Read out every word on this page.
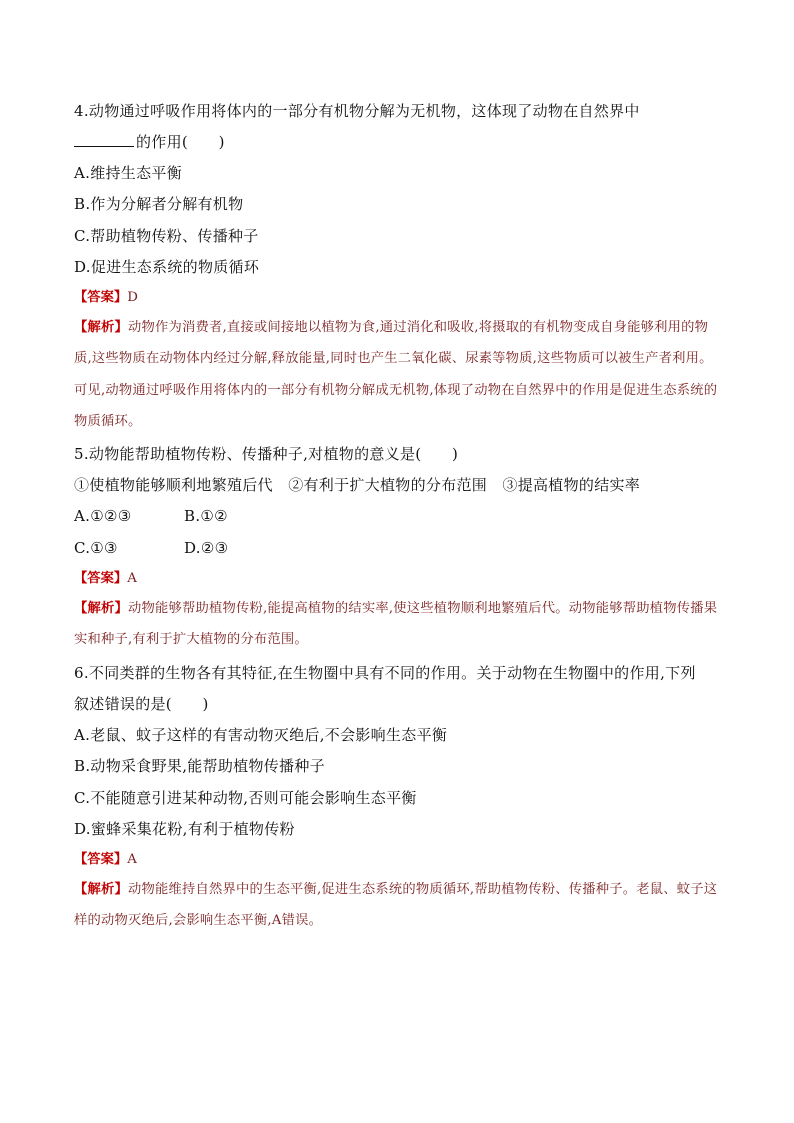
4.动物通过呼吸作用将体内的一部分有机物分解为无机物，这体现了动物在自然界中
的作用(　　)
A.维持生态平衡
B.作为分解者分解有机物
C.帮助植物传粉、传播种子
D.促进生态系统的物质循环
【答案】D
【解析】动物作为消费者,直接或间接地以植物为食,通过消化和吸收,将摄取的有机物变成自身能够利用的物质,这些物质在动物体内经过分解,释放能量,同时也产生二氧化碳、尿素等物质,这些物质可以被生产者利用。可见,动物通过呼吸作用将体内的一部分有机物分解成无机物,体现了动物在自然界中的作用是促进生态系统的物质循环。
5.动物能帮助植物传粉、传播种子,对植物的意义是(　　)
①使植物能够顺利地繁殖后代　②有利于扩大植物的分布范围　③提高植物的结实率
A.①②③	B.①②
C.①③	D.②③
【答案】A
【解析】动物能够帮助植物传粉,能提高植物的结实率,使这些植物顺利地繁殖后代。动物能够帮助植物传播果实和种子,有利于扩大植物的分布范围。
6.不同类群的生物各有其特征,在生物圈中具有不同的作用。关于动物在生物圈中的作用,下列
叙述错误的是(　　)
A.老鼠、蚊子这样的有害动物灭绝后,不会影响生态平衡
B.动物采食野果,能帮助植物传播种子
C.不能随意引进某种动物,否则可能会影响生态平衡
D.蜜蜂采集花粉,有利于植物传粉
【答案】A
【解析】动物能维持自然界中的生态平衡,促进生态系统的物质循环,帮助植物传粉、传播种子。老鼠、蚊子这样的动物灭绝后,会影响生态平衡,A错误。
